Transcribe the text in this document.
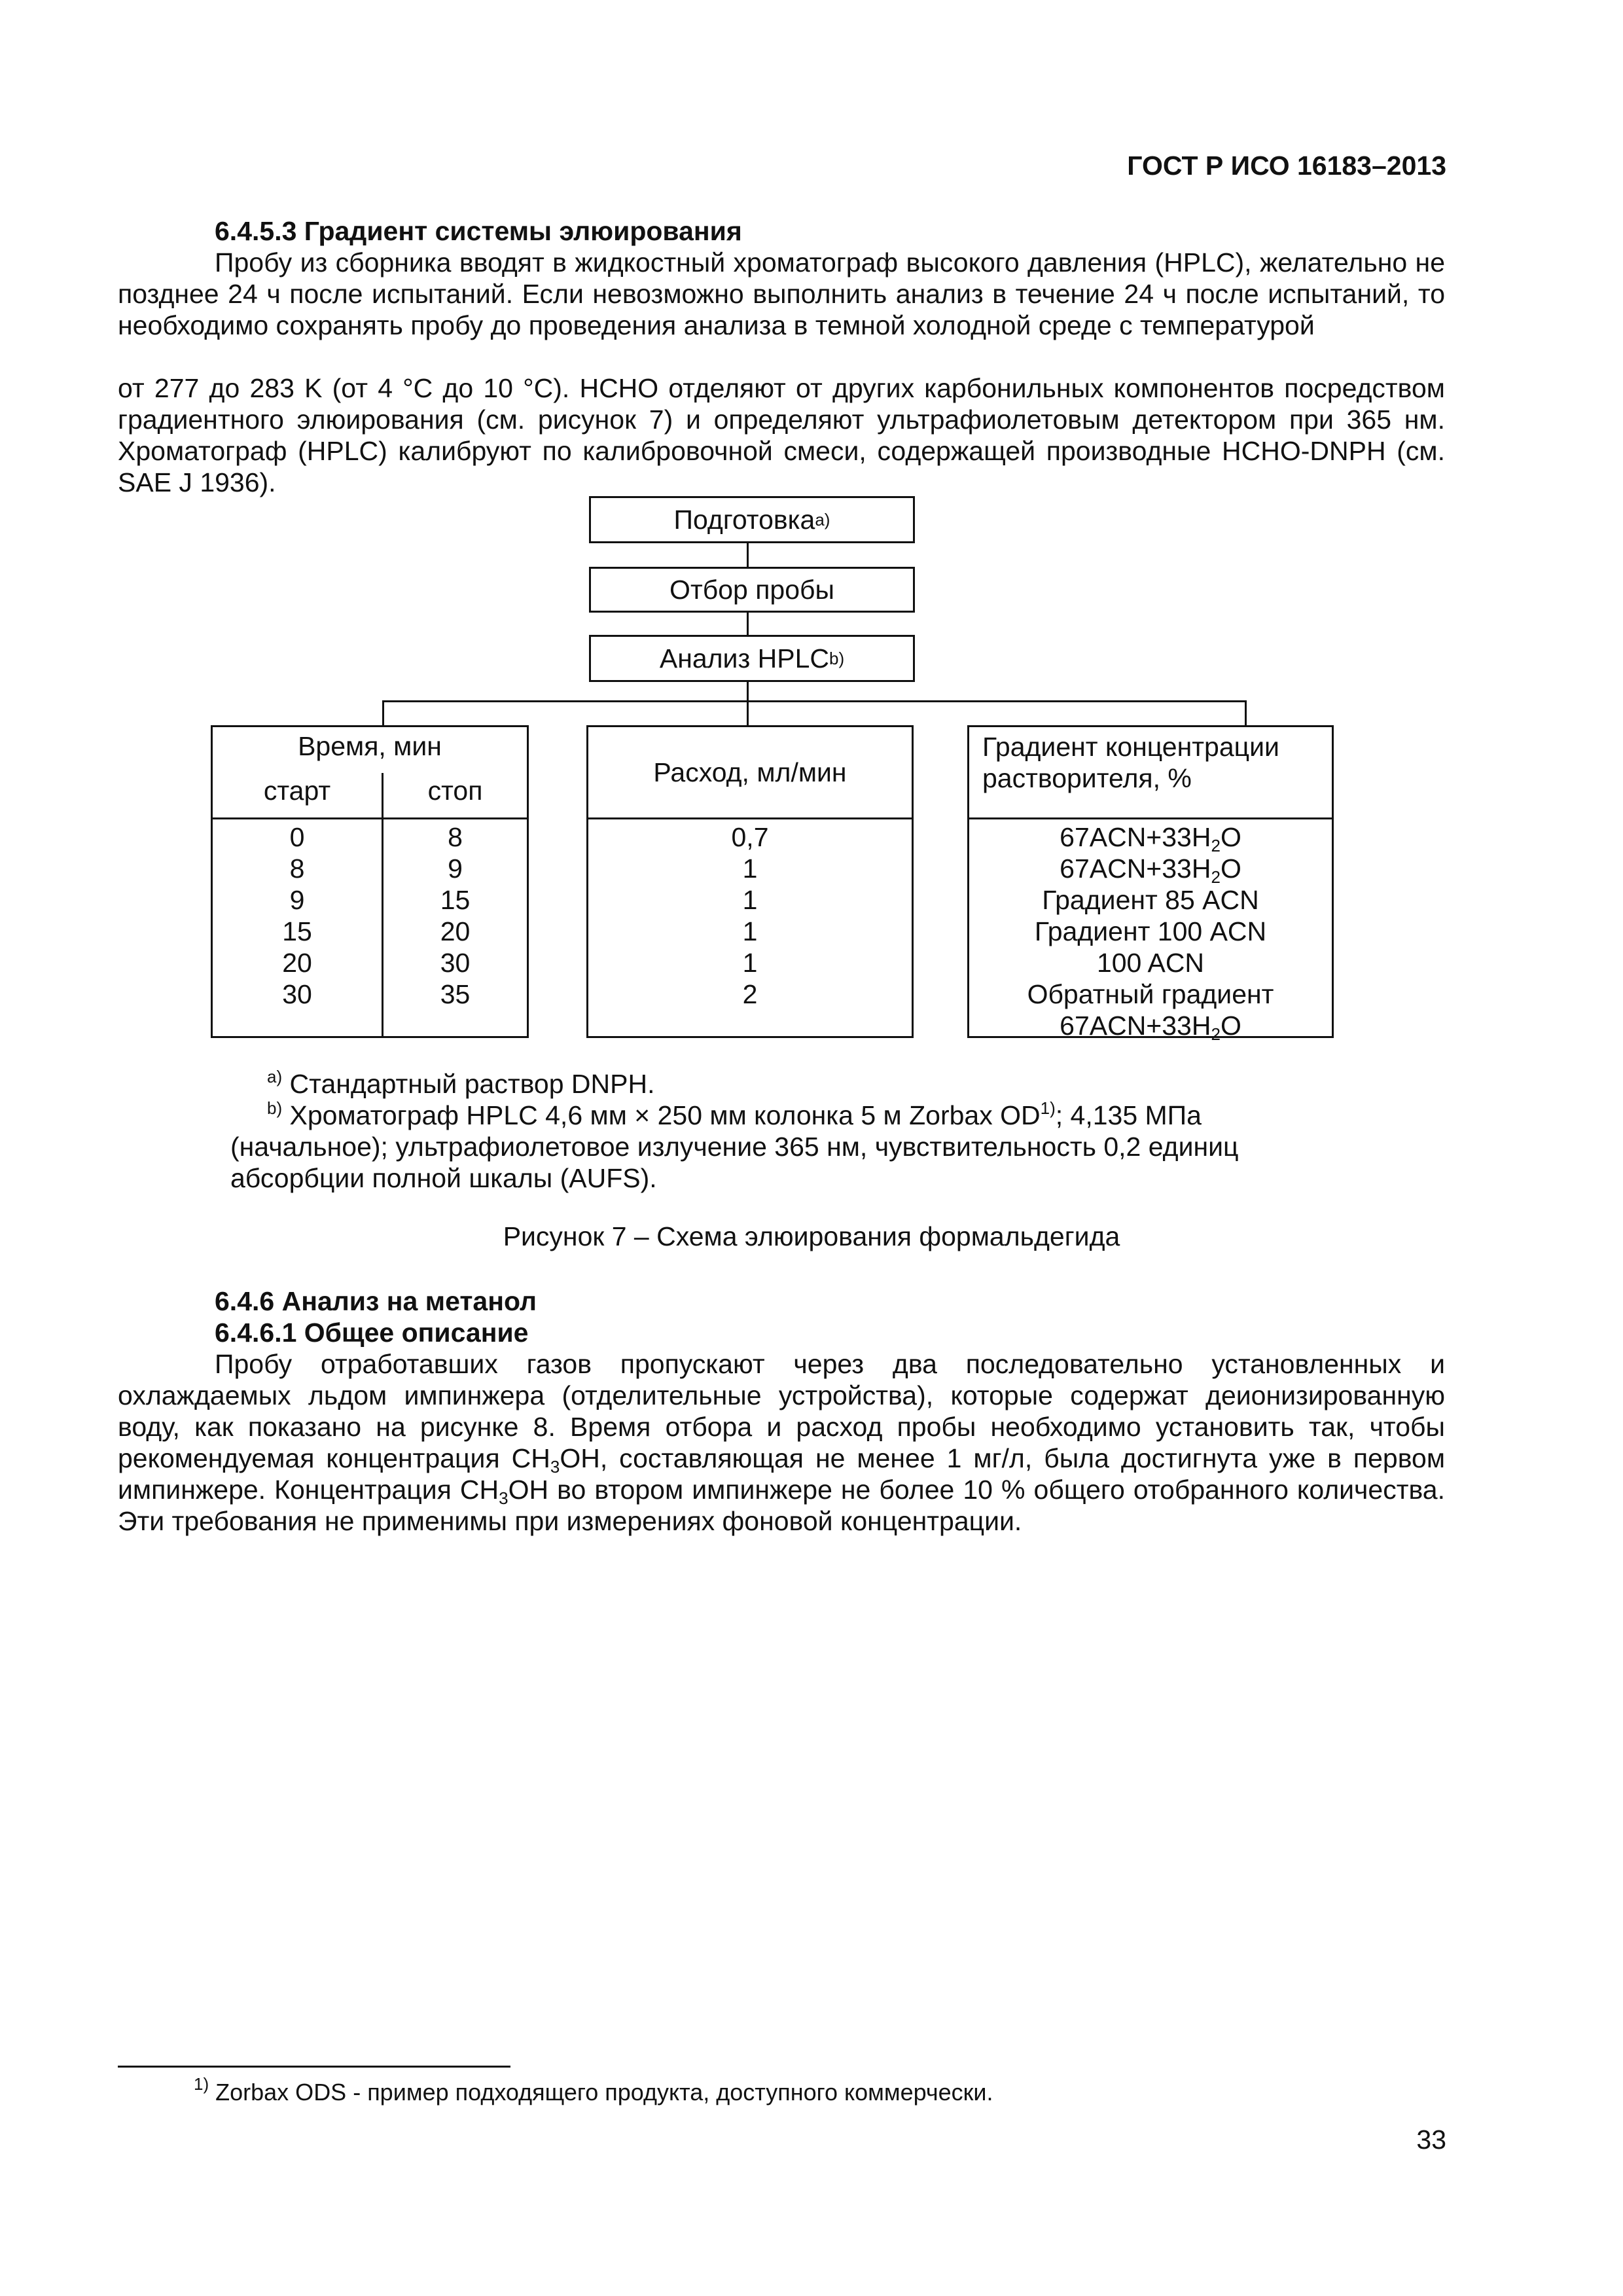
ГОСТ Р ИСО 16183–2013
6.4.5.3 Градиент системы элюирования
Пробу из сборника вводят в жидкостный хроматограф высокого давления (HPLC), желательно не позднее 24 ч после испытаний. Если невозможно выполнить анализ в течение 24 ч после испытаний, то необходимо сохранять пробу до проведения анализа в темной холодной среде с температурой
от 277 до 283 K (от 4 °C до 10 °C). HCHO отделяют от других карбонильных компонентов посредством градиентного элюирования (см. рисунок 7) и определяют ультрафиолетовым детектором при 365 нм. Хроматограф (HPLC) калибруют по калибровочной смеси, содержащей производные HCHO-DNPH (см. SAE J 1936).
Подготовка a)
Отбор пробы
Анализ HPLC b)
Время, мин
старт	стоп
0
8
9
15
20
30
8
9
15
20
30
35
Расход, мл/мин
0,7
1
1
1
1
2
Градиент концентрации
растворителя, %
$67ACN+33H_2O$
$67ACN+33H_2O$
Градиент 85 ACN
Градиент 100 ACN
100 ACN
Обратный градиент
$67ACN+33H_2O$
$^{a)}$ Стандартный раствор DNPH.
$^{b)}$ Хроматограф HPLC 4,6 мм × 250 мм колонка 5 м Zorbax OD$^{1)}$; 4,135 МПа
(начальное); ультрафиолетовое излучение 365 нм, чувствительность 0,2 единиц
абсорбции полной шкалы (AUFS).
Рисунок 7 – Схема элюирования формальдегида
6.4.6 Анализ на метанол
6.4.6.1 Общее описание
Пробу отработавших газов пропускают через два последовательно установленных и охлаждаемых льдом импинжера (отделительные устройства), которые содержат деионизированную воду, как показано на рисунке 8. Время отбора и расход пробы необходимо установить так, чтобы рекомендуемая концентрация $CH_3OH$, составляющая не менее 1 мг/л, была достигнута уже в первом импинжере. Концентрация $CH_3OH$ во втором импинжере не более 10 % общего отобранного количества. Эти требования не применимы при измерениях фоновой концентрации.
$^{1)}$ Zorbax ODS - пример подходящего продукта, доступного коммерчески.
33
